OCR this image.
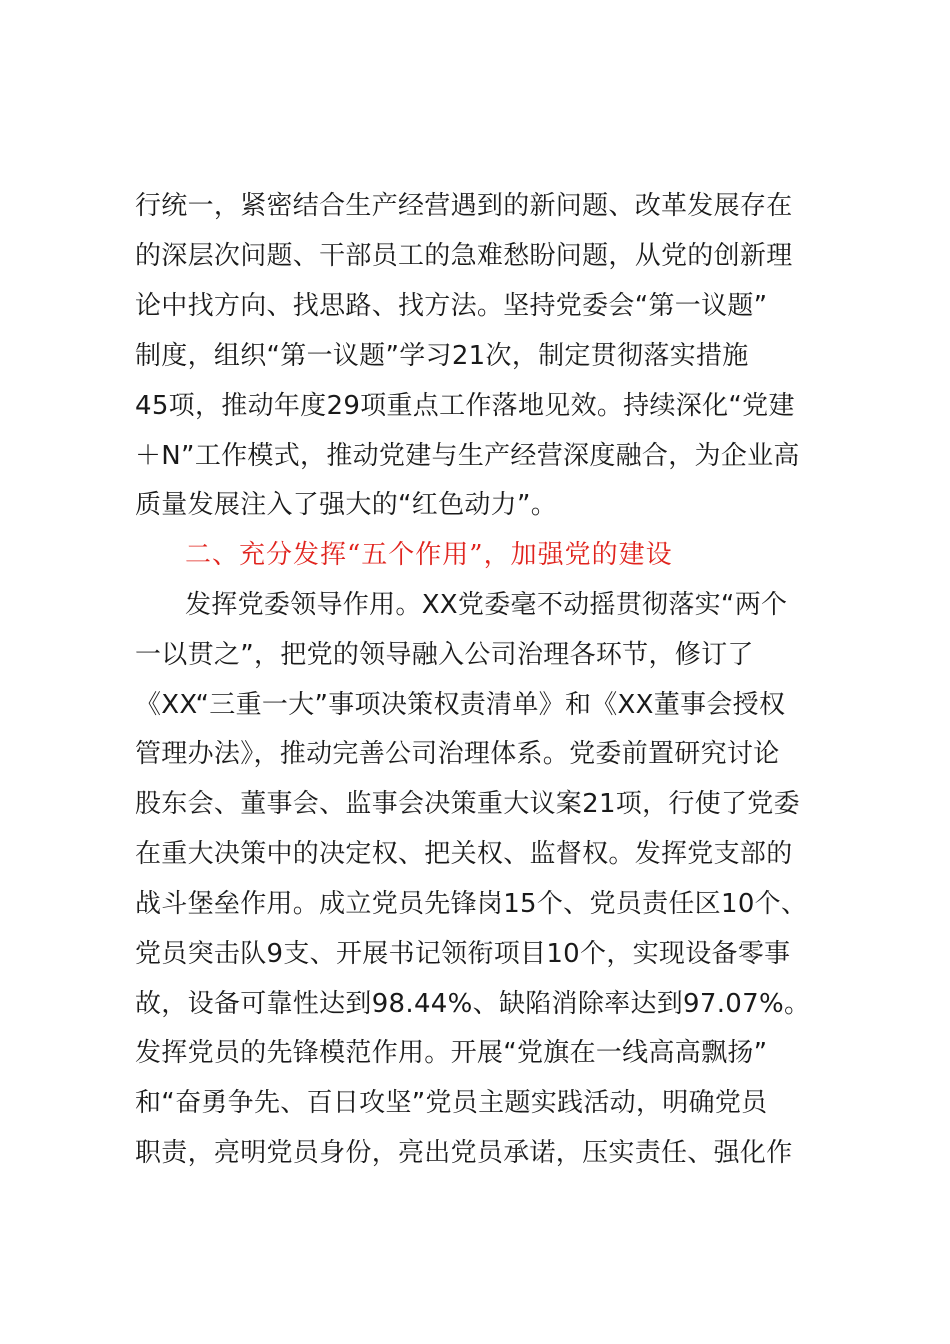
行统一，紧密结合生产经营遇到的新问题、改革发展存在
的深层次问题、干部员工的急难愁盼问题，从党的创新理
论中找方向、找思路、找方法。坚持党委会“第一议题”
制度，组织“第一议题”学习21次，制定贯彻落实措施
45项，推动年度29项重点工作落地见效。持续深化“党建
＋N”工作模式，推动党建与生产经营深度融合，为企业高
质量发展注入了强大的“红色动力”。
二、充分发挥“五个作用”，加强党的建设
发挥党委领导作用。XX党委毫不动摇贯彻落实“两个
一以贯之”，把党的领导融入公司治理各环节，修订了
《XX“三重一大”事项决策权责清单》和《XX董事会授权
管理办法》，推动完善公司治理体系。党委前置研究讨论
股东会、董事会、监事会决策重大议案21项，行使了党委
在重大决策中的决定权、把关权、监督权。发挥党支部的
战斗堡垒作用。成立党员先锋岗15个、党员责任区10个、
党员突击队9支、开展书记领衔项目10个，实现设备零事
故，设备可靠性达到98.44%、缺陷消除率达到97.07%。
发挥党员的先锋模范作用。开展“党旗在一线高高飘扬”
和“奋勇争先、百日攻坚”党员主题实践活动，明确党员
职责，亮明党员身份，亮出党员承诺，压实责任、强化作
